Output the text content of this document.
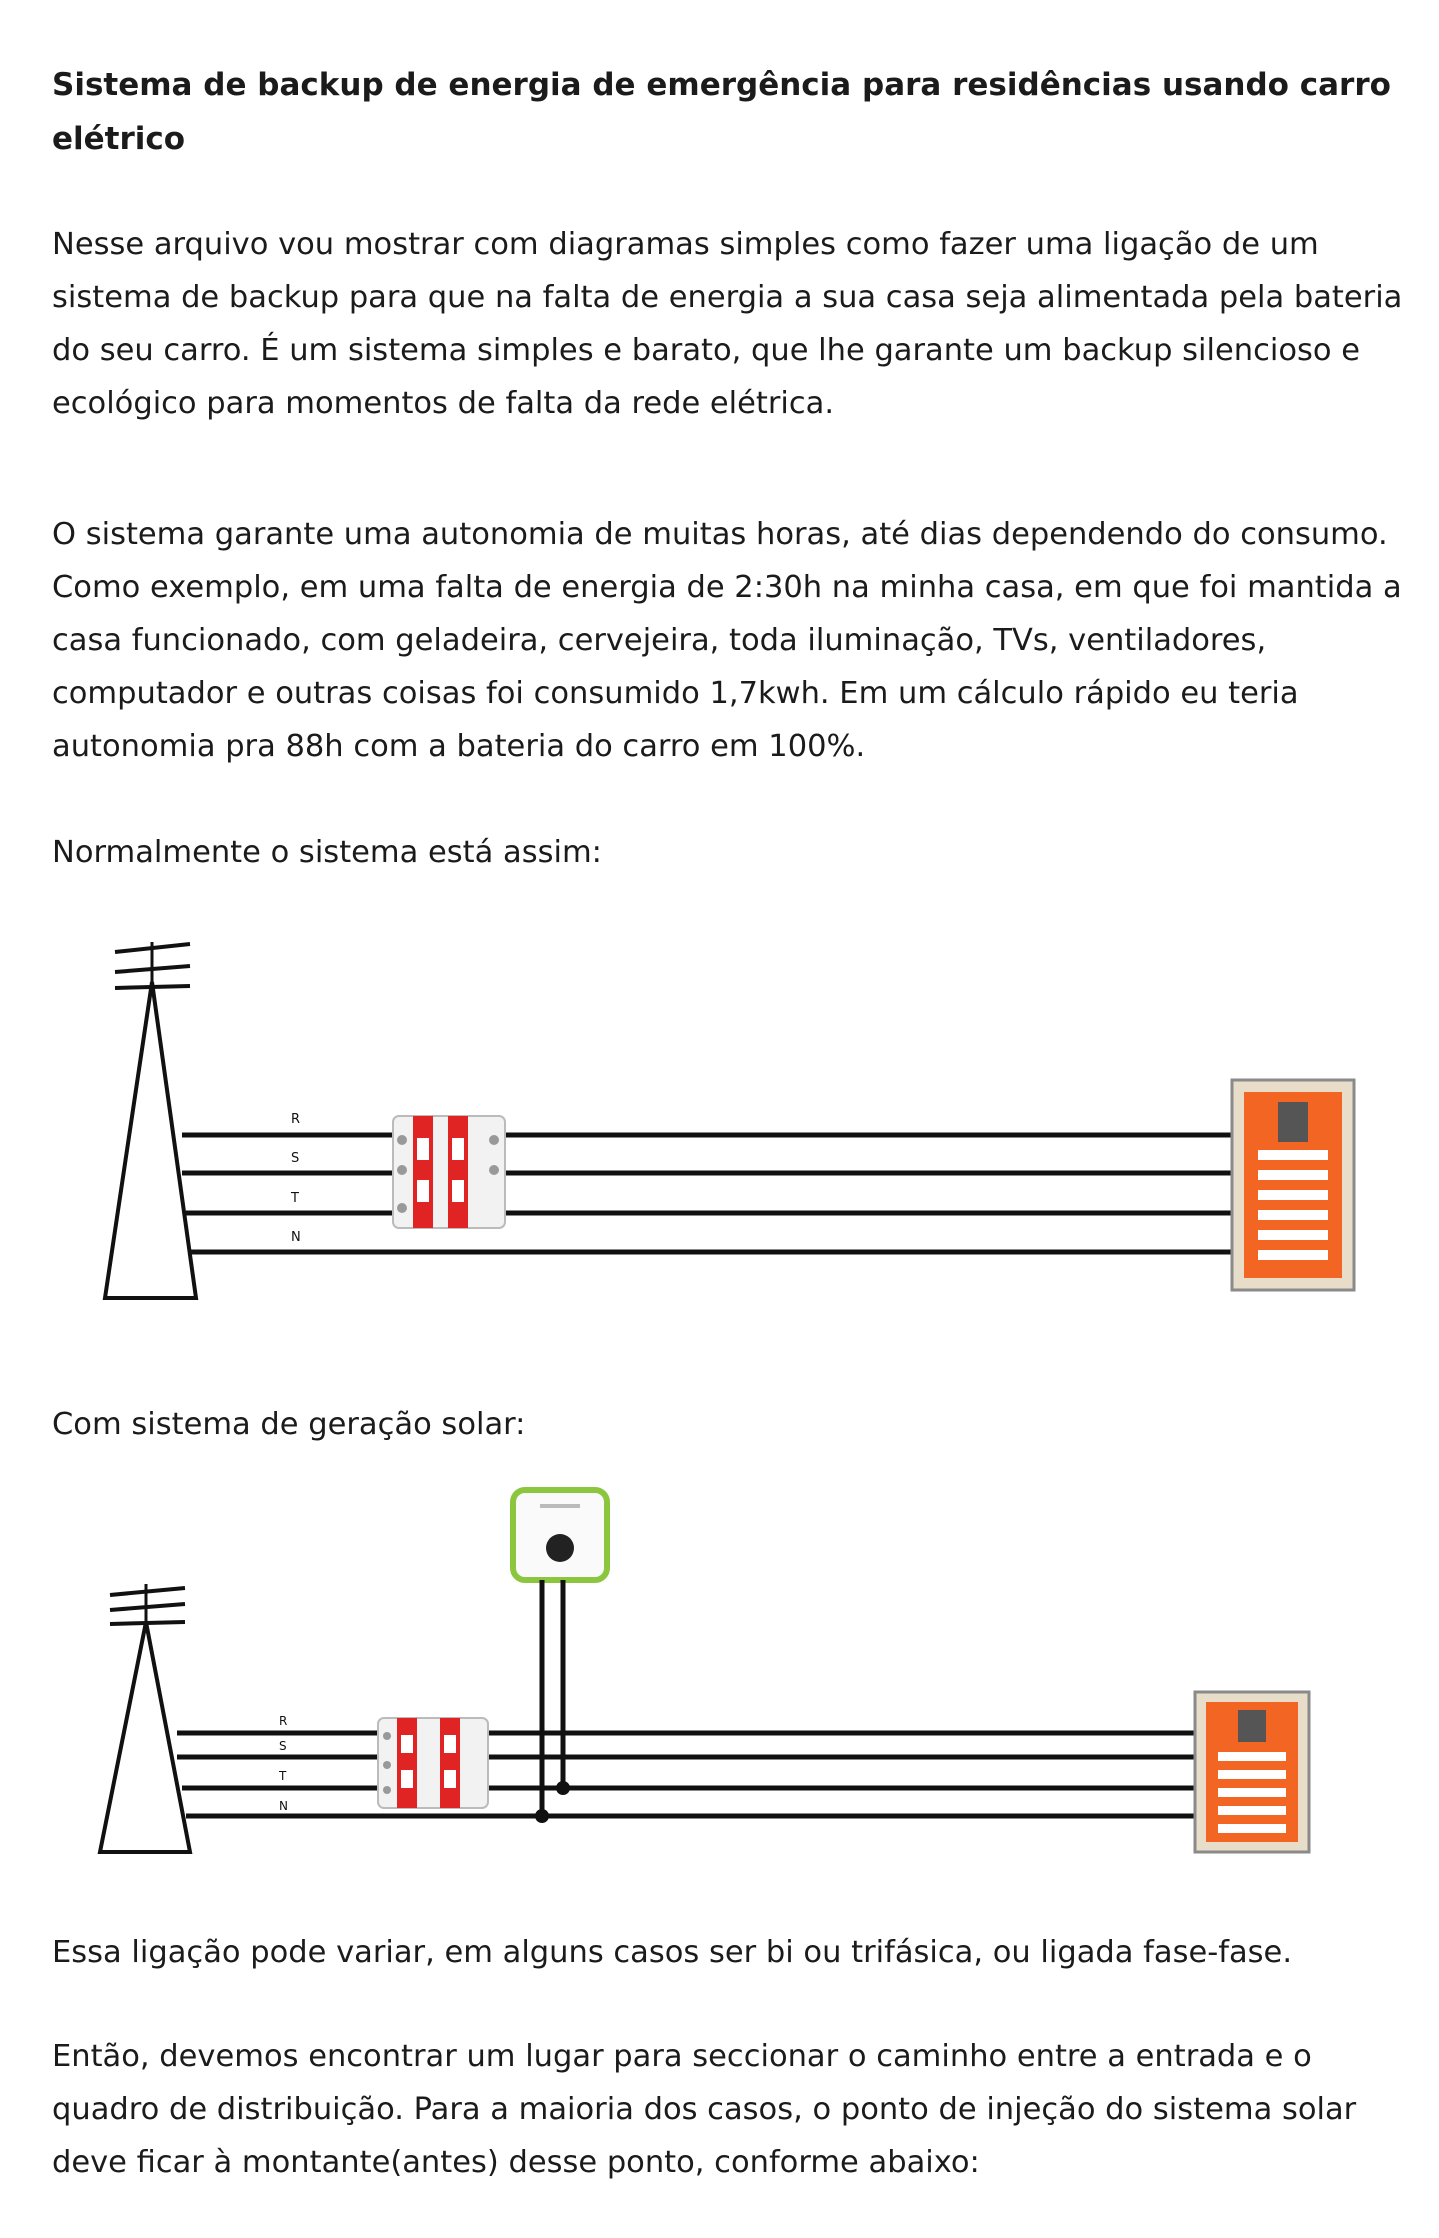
Sistema de backup de energia de emergência para residências usando carro elétrico

Nesse arquivo vou mostrar com diagramas simples como fazer uma ligação de um sistema de backup para que na falta de energia a sua casa seja alimentada pela bateria do seu carro. É um sistema simples e barato, que lhe garante um backup silencioso e ecológico para momentos de falta da rede elétrica.

O sistema garante uma autonomia de muitas horas, até dias dependendo do consumo. Como exemplo, em uma falta de energia de 2:30h na minha casa, em que foi mantida a casa funcionado, com geladeira, cervejeira, toda iluminação, TVs, ventiladores, computador e outras coisas foi consumido 1,7kwh. Em um cálculo rápido eu teria autonomia pra 88h com a bateria do carro em 100%.

Normalmente o sistema está assim:

R
S
T
N

Com sistema de geração solar:

R
S
T
N

Essa ligação pode variar, em alguns casos ser bi ou trifásica, ou ligada fase-fase.

Então, devemos encontrar um lugar para seccionar o caminho entre a entrada e o quadro de distribuição. Para a maioria dos casos, o ponto de injeção do sistema solar deve ficar à montante(antes) desse ponto, conforme abaixo:
